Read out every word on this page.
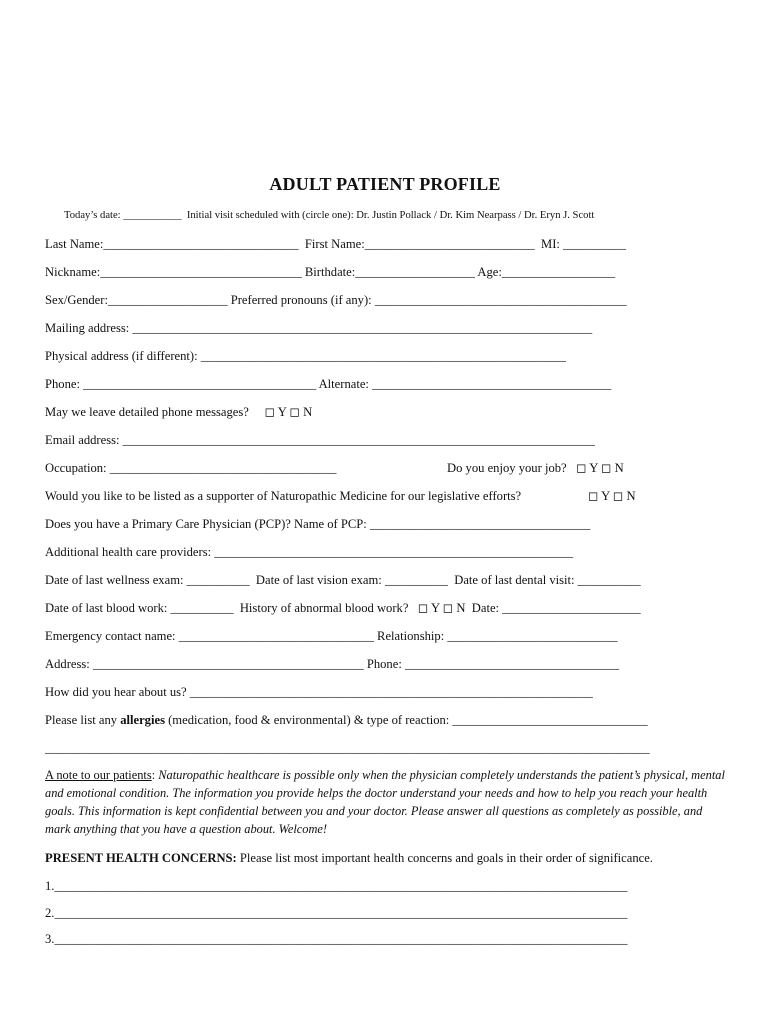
ADULT PATIENT PROFILE
Today’s date: ___________  Initial visit scheduled with (circle one): Dr. Justin Pollack / Dr. Kim Nearpass / Dr. Eryn J. Scott
Last Name:_______________________________  First Name:___________________________  MI: __________
Nickname:________________________________ Birthdate:___________________ Age:__________________
Sex/Gender:___________________ Preferred pronouns (if any): ________________________________________
Mailing address: _________________________________________________________________________
Physical address (if different): __________________________________________________________
Phone: _____________________________________ Alternate: ______________________________________
May we leave detailed phone messages?     ◻ Y ◻ N
Email address: ___________________________________________________________________________
Occupation: ____________________________________	Do you enjoy your job?   ◻ Y ◻ N
Would you like to be listed as a supporter of Naturopathic Medicine for our legislative efforts?	◻ Y ◻ N
Does you have a Primary Care Physician (PCP)? Name of PCP: ___________________________________
Additional health care providers: _________________________________________________________
Date of last wellness exam: __________  Date of last vision exam: __________  Date of last dental visit: __________
Date of last blood work: __________  History of abnormal blood work?   ◻ Y ◻ N  Date: ______________________
Emergency contact name: _______________________________ Relationship: ___________________________
Address: ___________________________________________ Phone: __________________________________
How did you hear about us? ________________________________________________________________
Please list any allergies (medication, food & environmental) & type of reaction: _______________________________
________________________________________________________________________________________________
A note to our patients: Naturopathic healthcare is possible only when the physician completely understands the patient’s physical, mental and emotional condition. The information you provide helps the doctor understand your needs and how to help you reach your health goals. This information is kept confidential between you and your doctor. Please answer all questions as completely as possible, and mark anything that you have a question about. Welcome!
PRESENT HEALTH CONCERNS: Please list most important health concerns and goals in their order of significance.
1.___________________________________________________________________________________________
2.___________________________________________________________________________________________
3.___________________________________________________________________________________________
